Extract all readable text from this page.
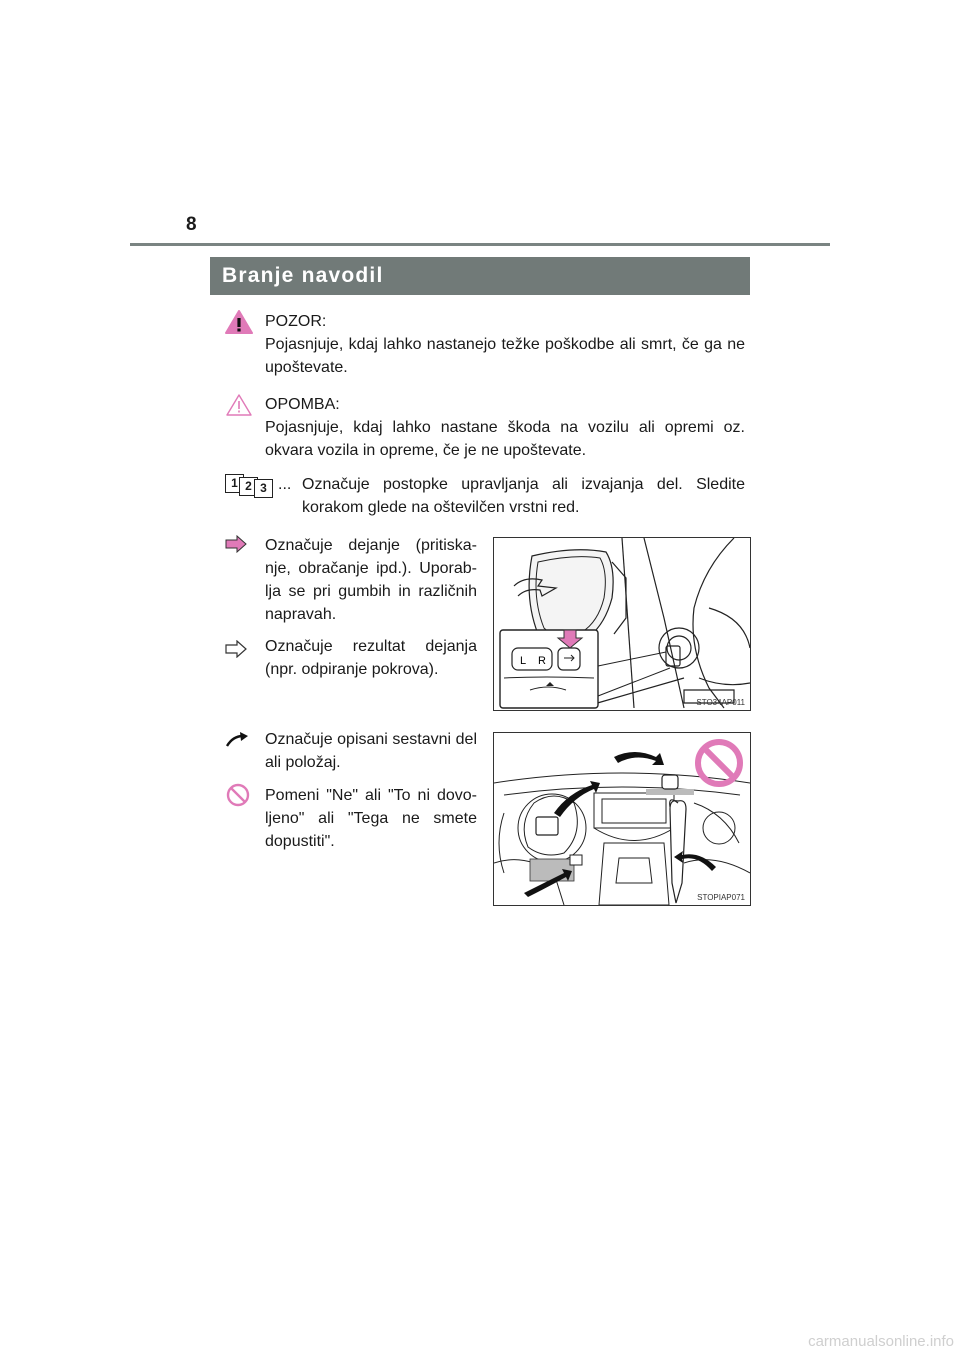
8
Branje navodil
POZOR:
Pojasnjuje, kdaj lahko nastanejo težke poškodbe ali smrt, če ga ne upoštevate.
OPOMBA:
Pojasnjuje, kdaj lahko nastane škoda na vozilu ali opremi oz. okvara vozila in opreme, če je ne upoštevate.
1 2 3 ... Označuje postopke upravljanja ali izvajanja del. Sledite korakom glede na oštevilčen vrstni red.
Označuje dejanje (pritiska-nje, obračanje ipd.). Uporab-lja se pri gumbih in različnih napravah.
Označuje rezultat dejanja (npr. odpiranje pokrova).
Označuje opisani sestavni del ali položaj.
Pomeni "Ne" ali "To ni dovo-ljeno" ali "Tega ne smete dopustiti".
L R
STO34AP011
STOPIAP071
carmanualsonline.info
